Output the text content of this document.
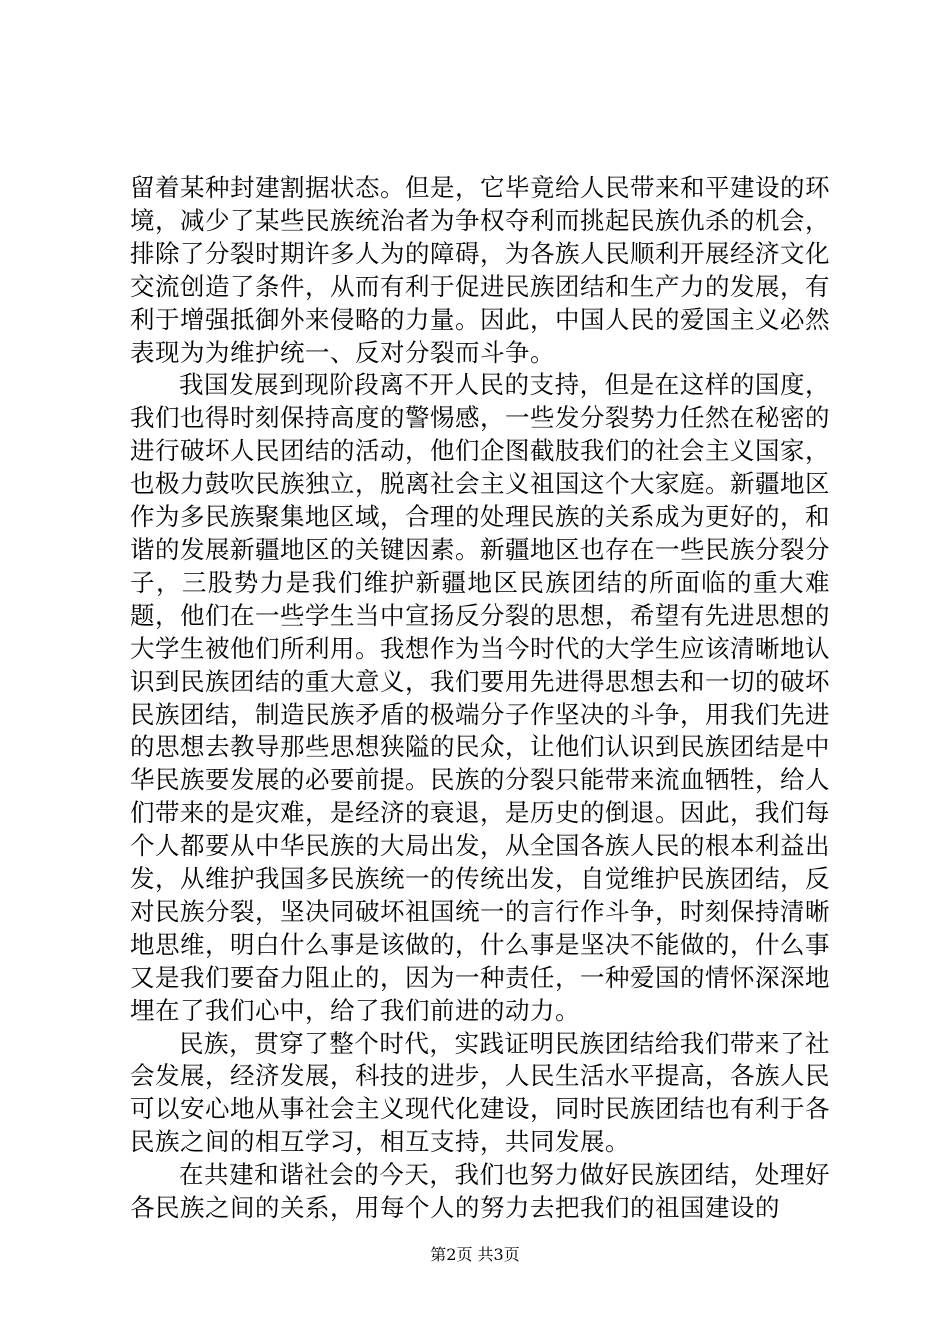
留着某种封建割据状态。但是，它毕竟给人民带来和平建设的环境，减少了某些民族统治者为争权夺利而挑起民族仇杀的机会，排除了分裂时期许多人为的障碍，为各族人民顺利开展经济文化交流创造了条件，从而有利于促进民族团结和生产力的发展，有利于增强抵御外来侵略的力量。因此，中国人民的爱国主义必然表现为为维护统一、反对分裂而斗争。

我国发展到现阶段离不开人民的支持，但是在这样的国度，我们也得时刻保持高度的警惕感，一些发分裂势力任然在秘密的进行破坏人民团结的活动，他们企图截肢我们的社会主义国家，也极力鼓吹民族独立，脱离社会主义祖国这个大家庭。新疆地区作为多民族聚集地区域，合理的处理民族的关系成为更好的，和谐的发展新疆地区的关键因素。新疆地区也存在一些民族分裂分子，三股势力是我们维护新疆地区民族团结的所面临的重大难题，他们在一些学生当中宣扬反分裂的思想，希望有先进思想的大学生被他们所利用。我想作为当今时代的大学生应该清晰地认识到民族团结的重大意义，我们要用先进得思想去和一切的破坏民族团结，制造民族矛盾的极端分子作坚决的斗争，用我们先进的思想去教导那些思想狭隘的民众，让他们认识到民族团结是中华民族要发展的必要前提。民族的分裂只能带来流血牺牲，给人们带来的是灾难，是经济的衰退，是历史的倒退。因此，我们每个人都要从中华民族的大局出发，从全国各族人民的根本利益出发，从维护我国多民族统一的传统出发，自觉维护民族团结，反对民族分裂，坚决同破坏祖国统一的言行作斗争，时刻保持清晰地思维，明白什么事是该做的，什么事是坚决不能做的，什么事又是我们要奋力阻止的，因为一种责任，一种爱国的情怀深深地埋在了我们心中，给了我们前进的动力。

民族，贯穿了整个时代，实践证明民族团结给我们带来了社会发展，经济发展，科技的进步，人民生活水平提高，各族人民可以安心地从事社会主义现代化建设，同时民族团结也有利于各民族之间的相互学习，相互支持，共同发展。

在共建和谐社会的今天，我们也努力做好民族团结，处理好各民族之间的关系，用每个人的努力去把我们的祖国建设的

第2页 共3页
